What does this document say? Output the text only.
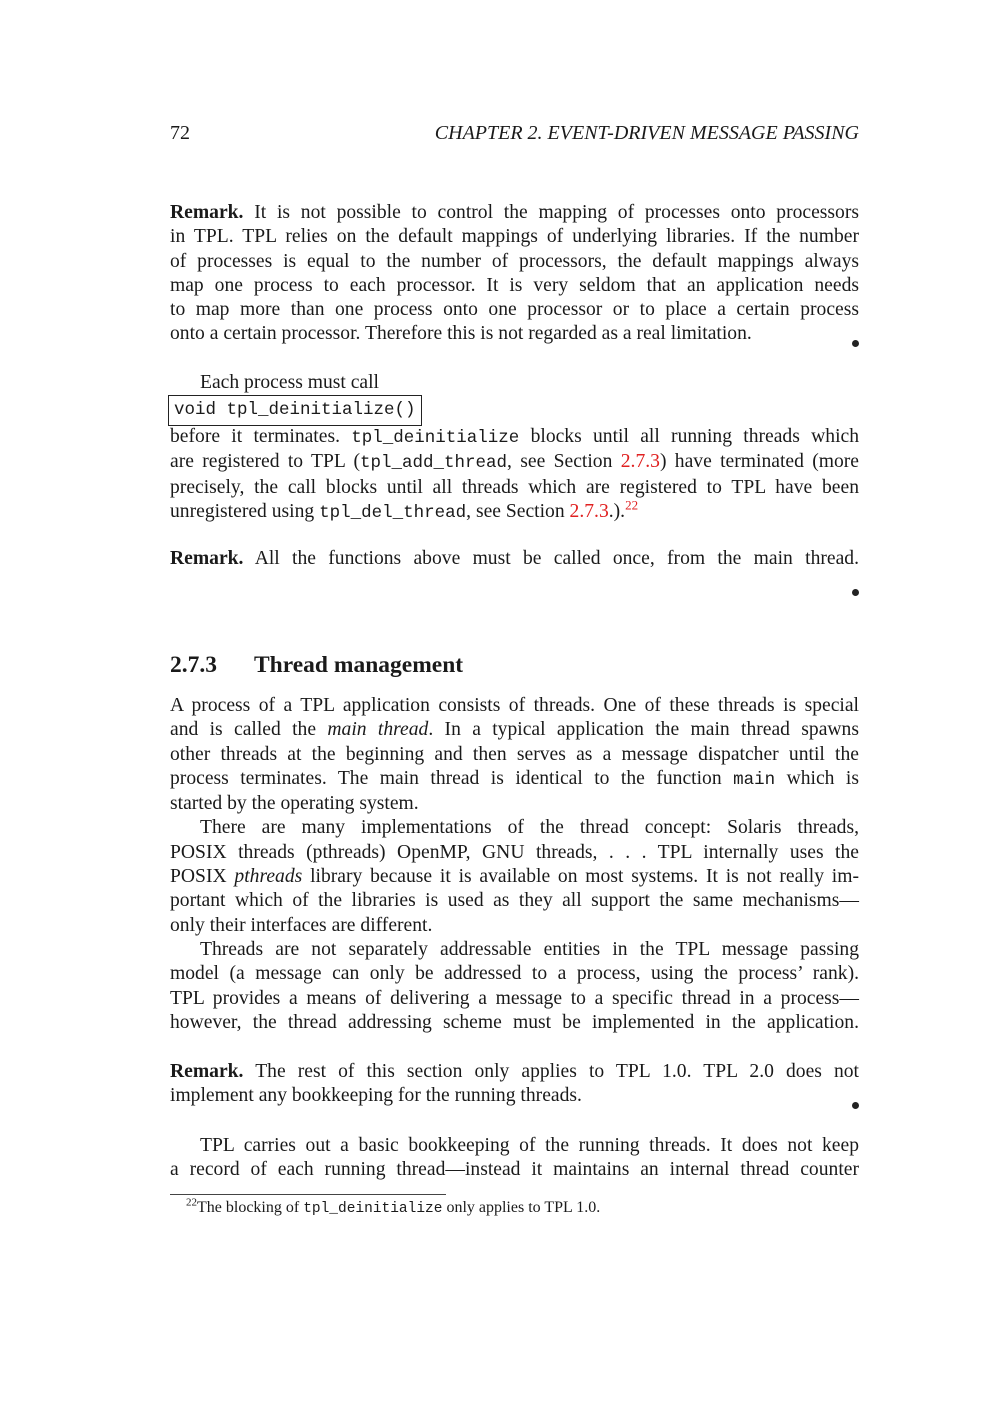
72	CHAPTER 2. EVENT-DRIVEN MESSAGE PASSING
Remark. It is not possible to control the mapping of processes onto processors
in TPL. TPL relies on the default mappings of underlying libraries. If the number
of processes is equal to the number of processors, the default mappings always
map one process to each processor. It is very seldom that an application needs
to map more than one process onto one processor or to place a certain process
onto a certain processor. Therefore this is not regarded as a real limitation.
Each process must call
void tpl_deinitialize()
before it terminates. tpl_deinitialize blocks until all running threads which
are registered to TPL (tpl_add_thread, see Section 2.7.3) have terminated (more
precisely, the call blocks until all threads which are registered to TPL have been
unregistered using tpl_del_thread, see Section 2.7.3.).$^{22}$
Remark. All the functions above must be called once, from the main thread.
2.7.3 Thread management
A process of a TPL application consists of threads. One of these threads is special
and is called the main thread. In a typical application the main thread spawns
other threads at the beginning and then serves as a message dispatcher until the
process terminates. The main thread is identical to the function main which is
started by the operating system.
There are many implementations of the thread concept: Solaris threads,
POSIX threads (pthreads) OpenMP, GNU threads, . . . TPL internally uses the
POSIX pthreads library because it is available on most systems. It is not really im-
portant which of the libraries is used as they all support the same mechanisms—
only their interfaces are different.
Threads are not separately addressable entities in the TPL message passing
model (a message can only be addressed to a process, using the process’ rank).
TPL provides a means of delivering a message to a specific thread in a process—
however, the thread addressing scheme must be implemented in the application.
Remark. The rest of this section only applies to TPL 1.0. TPL 2.0 does not
implement any bookkeeping for the running threads.
TPL carries out a basic bookkeeping of the running threads. It does not keep
a record of each running thread—instead it maintains an internal thread counter
$^{22}$The blocking of tpl_deinitialize only applies to TPL 1.0.
